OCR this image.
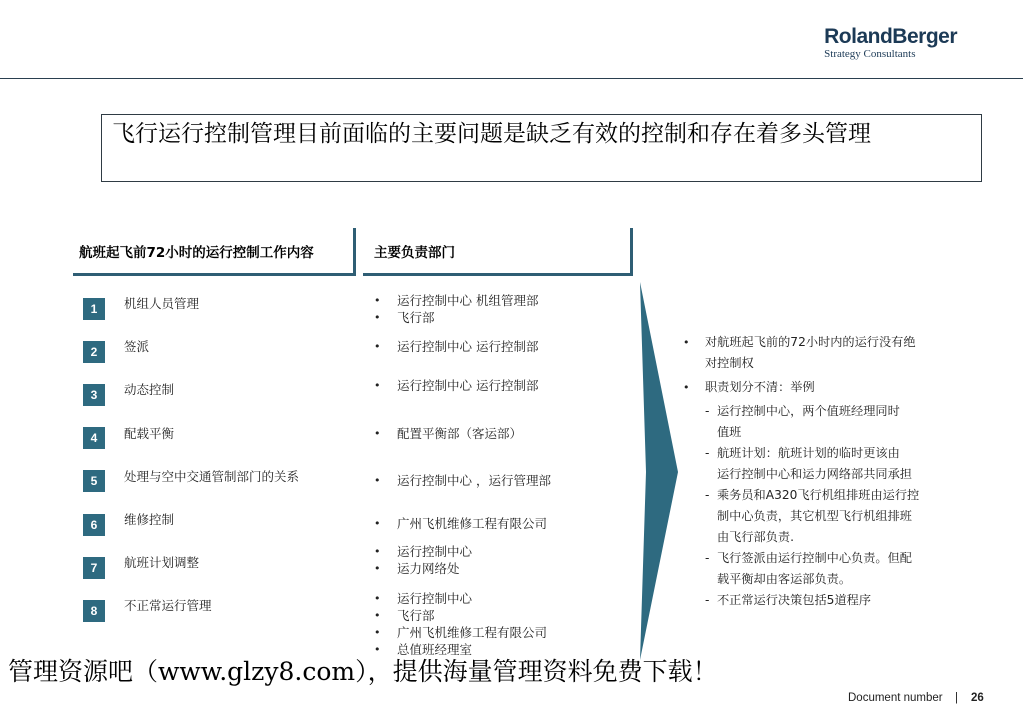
RolandBerger
Strategy Consultants
飞行运行控制管理目前面临的主要问题是缺乏有效的控制和存在着多头管理
航班起飞前72小时的运行控制工作内容	主要负责部门
1	机组人员管理	• 运行控制中心 机组管理部
• 飞行部
2	签派	• 运行控制中心 运行控制部
3	动态控制	• 运行控制中心 运行控制部
4	配载平衡	• 配置平衡部（客运部）
5	处理与空中交通管制部门的关系	• 运行控制中心 ，运行管理部
6	维修控制	• 广州飞机维修工程有限公司
7	航班计划调整
• 运行控制中心
• 运力网络处
8	不正常运行管理	• 运行控制中心
• 飞行部
• 广州飞机维修工程有限公司
• 总值班经理室
• 对航班起飞前的72小时内的运行没有绝
对控制权
• 职责划分不清：举例
- 运行控制中心，两个值班经理同时
值班
- 航班计划：航班计划的临时更该由
运行控制中心和运力网络部共同承担
- 乘务员和A320飞行机组排班由运行控
制中心负责，其它机型飞行机组排班
由飞行部负责.
- 飞行签派由运行控制中心负责。但配
载平衡却由客运部负责。
- 不正常运行决策包括5道程序
管理资源吧（www.glzy8.com），提供海量管理资料免费下载！
Document number | 26
